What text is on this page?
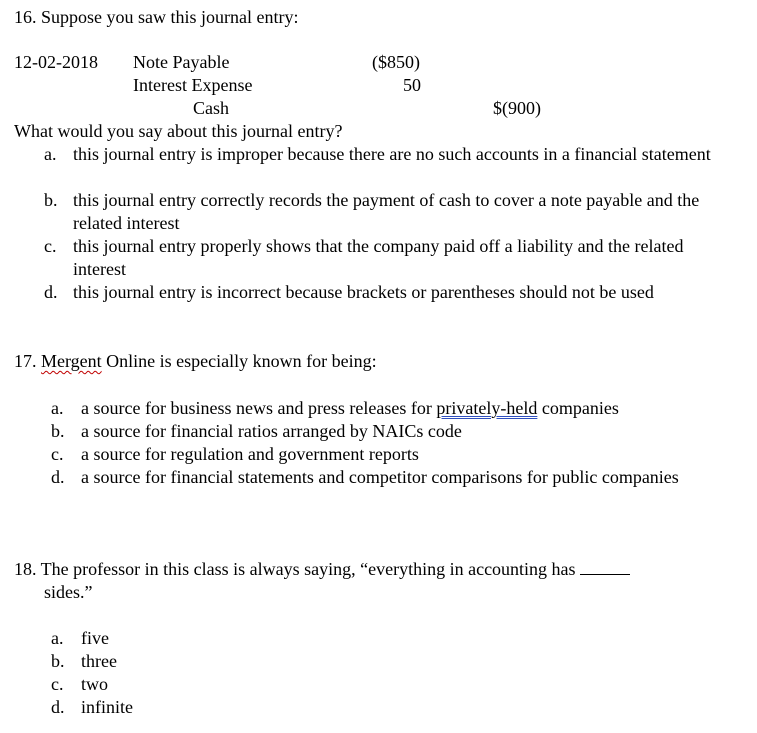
16. Suppose you saw this journal entry:
12-02-2018 Note Payable	($850)
Interest Expense	50
Cash	$(900)
What would you say about this journal entry?
a. this journal entry is improper because there are no such accounts in a financial statement
b. this journal entry correctly records the payment of cash to cover a note payable and the related interest
c. this journal entry properly shows that the company paid off a liability and the related interest
d. this journal entry is incorrect because brackets or parentheses should not be used
17. Mergent Online is especially known for being:
a. a source for business news and press releases for privately-held companies
b. a source for financial ratios arranged by NAICs code
c. a source for regulation and government reports
d. a source for financial statements and competitor comparisons for public companies
18. The professor in this class is always saying, “everything in accounting has
sides.”
a. five
b. three
c. two
d. infinite
